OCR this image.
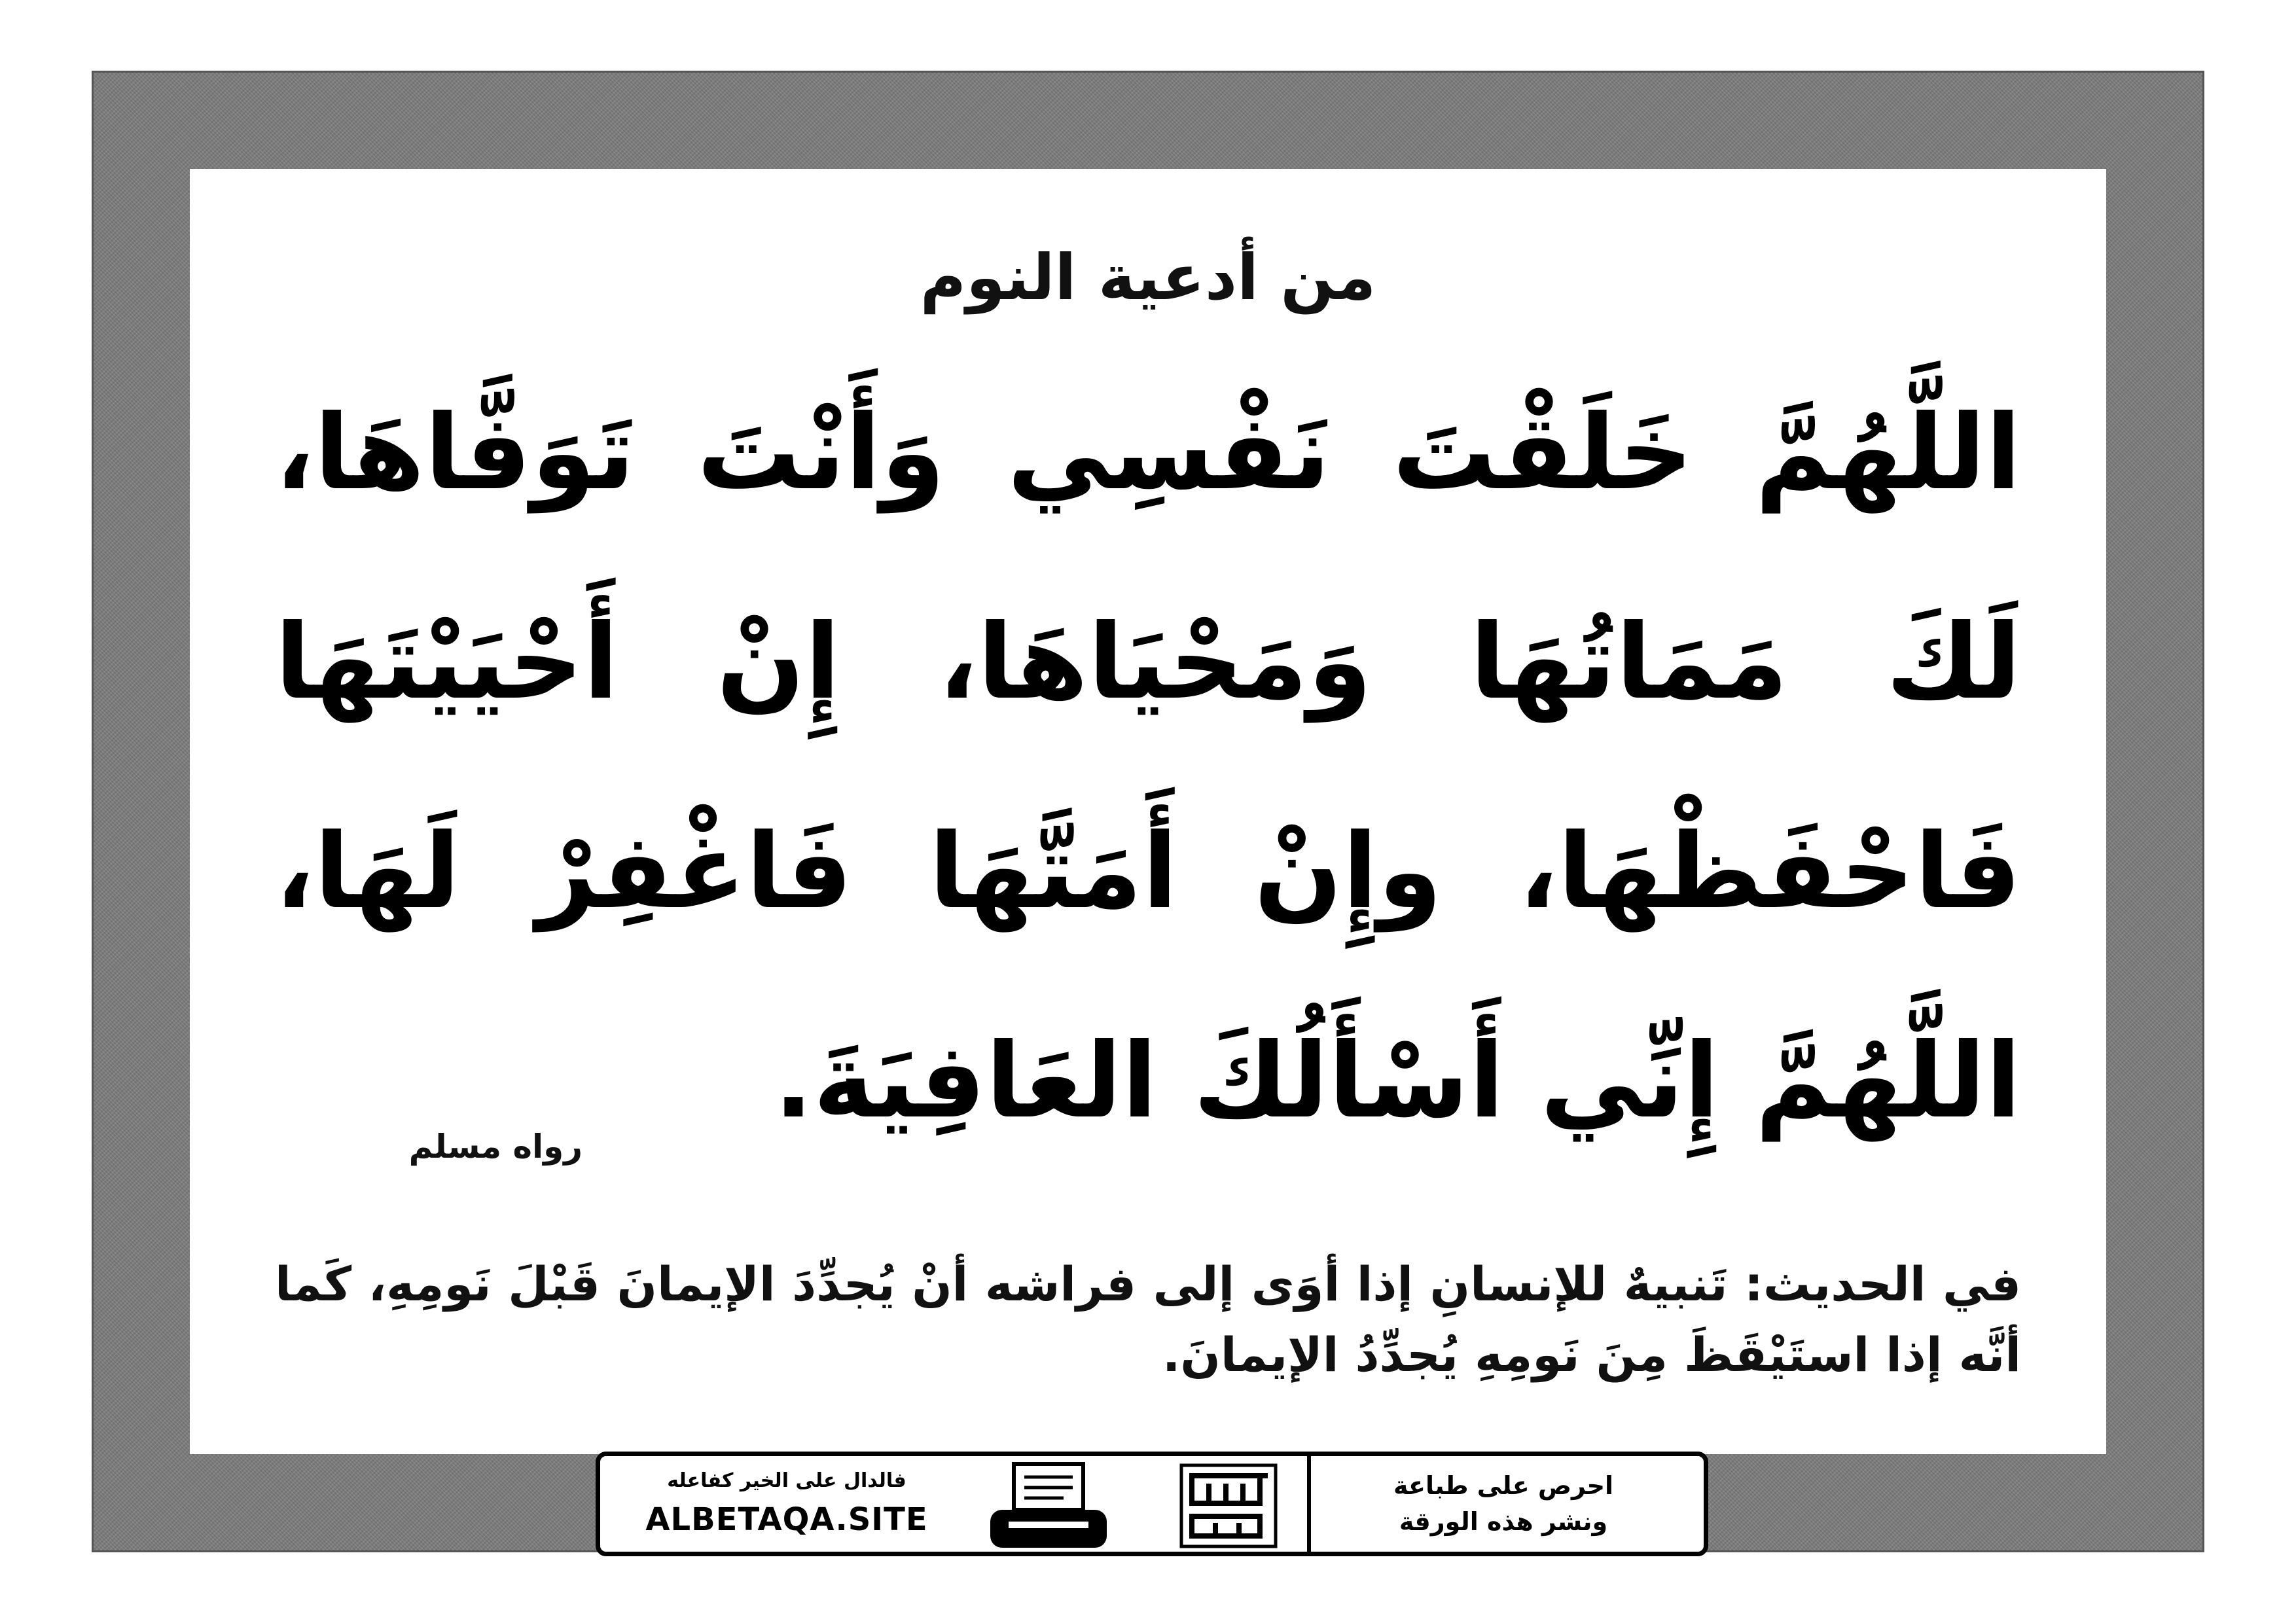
من أدعية النوم
اللَّهُمَّ خَلَقْتَ نَفْسِي وَأَنْتَ تَوَفَّاهَا،
لَكَ مَمَاتُهَا وَمَحْيَاهَا، إِنْ أَحْيَيْتَهَا
فَاحْفَظْهَا، وإِنْ أَمَتَّهَا فَاغْفِرْ لَهَا،
اللَّهُمَّ إِنِّي أَسْأَلُكَ العَافِيَةَ.
رواه مسلم
في الحديث: تَنبيهٌ للإنسانِ إذا أوَى إلى فراشه أنْ يُجدِّدَ الإيمانَ قَبْلَ نَومِهِ، كَما أنَّه إذا استَيْقَظَ مِنَ نَومِهِ يُجدِّدُ الإيمانَ.
فالدال على الخير كفاعله
ALBETAQA.SITE
احرص على طباعة
ونشر هذه الورقة
